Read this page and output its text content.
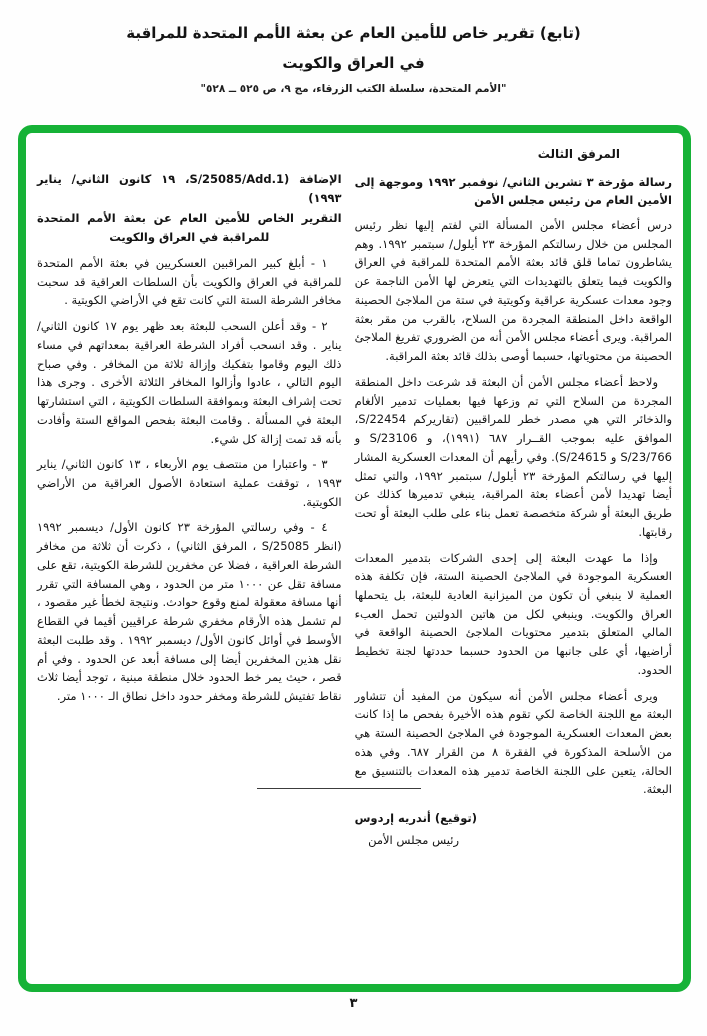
(تابع) تقرير خاص للأمين العام عن بعثة الأمم المتحدة للمراقبة
في العراق والكويت
"الأمم المتحدة، سلسلة الكتب الزرقاء، مج ٩، ص ٥٢٥ ــ ٥٢٨"
المرفق الثالث
رسالة مؤرخة ٣ تشرين الثاني/ نوفمبر ١٩٩٢ وموجهة إلى الأمين العام من رئيس مجلس الأمن

درس أعضاء مجلس الأمن المسألة التي لفتم إليها نظر رئيس المجلس من خلال رسالتكم المؤرخة ٢٣ أيلول/ سبتمبر ١٩٩٢. وهم يشاطرون تماما قلق قائد بعثة الأمم المتحدة للمراقبة في العراق والكويت فيما يتعلق بالتهديدات التي يتعرض لها الأمن الناجمة عن وجود معدات عسكرية عراقية وكويتية في ستة من الملاجئ الحصينة الواقعة داخل المنطقة المجردة من السلاح، بالقرب من مقر بعثة المراقبة. ويرى أعضاء مجلس الأمن أنه من الضروري تفريغ الملاجئ الحصينة من محتوياتها، حسبما أوصى بذلك قائد بعثة المراقبة.

ولاحظ أعضاء مجلس الأمن أن البعثة قد شرعت داخل المنطقة المجردة من السلاح التي تم وزعها فيها بعمليات تدمير الألغام والذخائر التي هي مصدر خطر للمراقبين (تقاريركم S/22454، الموافق عليه بموجب القــرار ٦٨٧ (١٩٩١)، و S/23106 و S/23/766 و S/24615). وفي رأيهم أن المعدات العسكرية المشار إليها في رسالتكم المؤرخة ٢٣ أيلول/ سبتمبر ١٩٩٢، والتي تمثل أيضا تهديدا لأمن أعضاء بعثة المراقبة، ينبغي تدميرها كذلك عن طريق البعثة أو شركة متخصصة تعمل بناء على طلب البعثة أو تحت رقابتها.

وإذا ما عهدت البعثة إلى إحدى الشركات بتدمير المعدات العسكرية الموجودة في الملاجئ الحصينة الستة، فإن تكلفة هذه العملية لا ينبغي أن تكون من الميزانية العادية للبعثة، بل يتحملها العراق والكويت. وينبغي لكل من هاتين الدولتين تحمل العبء المالي المتعلق بتدمير محتويات الملاجئ الحصينة الواقعة في أراضيها، أي على جانبها من الحدود حسبما حددتها لجنة تخطيط الحدود.

ويرى أعضاء مجلس الأمن أنه سيكون من المفيد أن تتشاور البعثة مع اللجنة الخاصة لكي تقوم هذه الأخيرة بفحص ما إذا كانت بعض المعدات العسكرية الموجودة في الملاجئ الحصينة الستة هي من الأسلحة المذكورة في الفقرة ٨ من القرار ٦٨٧. وفي هذه الحالة، يتعين على اللجنة الخاصة تدمير هذه المعدات بالتنسيق مع البعثة.

(توقيع) أندريه إردوس
رئيس مجلس الأمن
الإضافة (S/25085/Add.1، ١٩ كانون الثاني/ يناير ١٩٩٣)
التقرير الخاص للأمين العام عن بعثة الأمم المتحدة للمراقبة في العراق والكويت

١ - أبلغ كبير المراقبين العسكريين في بعثة الأمم المتحدة للمراقبة في العراق والكويت بأن السلطات العراقية قد سحبت مخافر الشرطة الستة التي كانت تقع في الأراضي الكويتية .

٢ - وقد أعلن السحب للبعثة بعد ظهر يوم ١٧ كانون الثاني/ يناير . وقد انسحب أفراد الشرطة العراقية بمعداتهم في مساء ذلك اليوم وقاموا بتفكيك وإزالة ثلاثة من المخافر . وفي صباح اليوم التالي ، عادوا وأزالوا المخافر الثلاثة الأخرى . وجرى هذا تحت إشراف البعثة وبموافقة السلطات الكويتية ، التي استشارتها البعثة في المسألة . وقامت البعثة بفحص المواقع الستة وأفادت بأنه قد تمت إزالة كل شيء.

٣ - واعتبارا من منتصف يوم الأربعاء ، ١٣ كانون الثاني/ يناير ١٩٩٣ ، توقفت عملية استعادة الأصول العراقية من الأراضي الكويتية.

٤ - وفي رسالتي المؤرخة ٢٣ كانون الأول/ ديسمبر ١٩٩٢ (انظر S/25085 ، المرفق الثاني) ، ذكرت أن ثلاثة من مخافر الشرطة العراقية ، فضلا عن مخفرين للشرطة الكويتية، تقع على مسافة تقل عن ١٠٠٠ متر من الحدود ، وهي المسافة التي تقرر أنها مسافة معقولة لمنع وقوع حوادث. ونتيجة لخطأ غير مقصود ، لم تشمل هذه الأرقام مخفري شرطة عراقيين أقيما في القطاع الأوسط في أوائل كانون الأول/ ديسمبر ١٩٩٢ . وقد طلبت البعثة نقل هذين المخفرين أيضا إلى مسافة أبعد عن الحدود . وفي أم قصر ، حيث يمر خط الحدود خلال منطقة مبنية ، توجد أيضا ثلاث نقاط تفتيش للشرطة ومخفر حدود داخل نطاق الـ ١٠٠٠ متر.

٣
